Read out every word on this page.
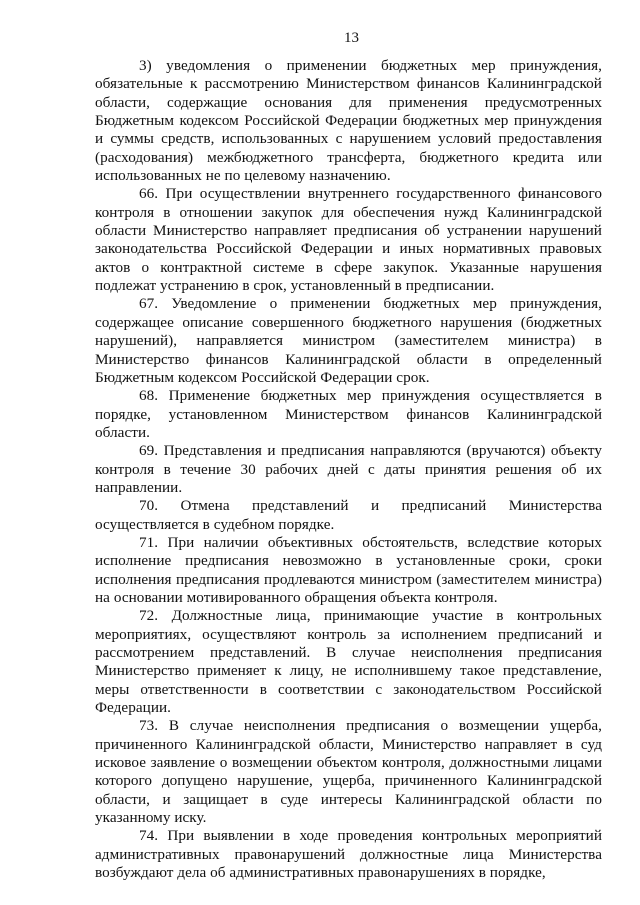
13

3) уведомления о применении бюджетных мер принуждения, обязательные к рассмотрению Министерством финансов Калининградской области, содержащие основания для применения предусмотренных Бюджетным кодексом Российской Федерации бюджетных мер принуждения и суммы средств, использованных с нарушением условий предоставления (расходования) межбюджетного трансферта, бюджетного кредита или использованных не по целевому назначению.

66. При осуществлении внутреннего государственного финансового контроля в отношении закупок для обеспечения нужд Калининградской области Министерство направляет предписания об устранении нарушений законодательства Российской Федерации и иных нормативных правовых актов о контрактной системе в сфере закупок. Указанные нарушения подлежат устранению в срок, установленный в предписании.

67. Уведомление о применении бюджетных мер принуждения, содержащее описание совершенного бюджетного нарушения (бюджетных нарушений), направляется министром (заместителем министра) в Министерство финансов Калининградской области в определенный Бюджетным кодексом Российской Федерации срок.

68. Применение бюджетных мер принуждения осуществляется в порядке, установленном Министерством финансов Калининградской области.

69. Представления и предписания направляются (вручаются) объекту контроля в течение 30 рабочих дней с даты принятия решения об их направлении.

70. Отмена представлений и предписаний Министерства осуществляется в судебном порядке.

71. При наличии объективных обстоятельств, вследствие которых исполнение предписания невозможно в установленные сроки, сроки исполнения предписания продлеваются министром (заместителем министра) на основании мотивированного обращения объекта контроля.

72. Должностные лица, принимающие участие в контрольных мероприятиях, осуществляют контроль за исполнением предписаний и рассмотрением представлений. В случае неисполнения предписания Министерство применяет к лицу, не исполнившему такое представление, меры ответственности в соответствии с законодательством Российской Федерации.

73. В случае неисполнения предписания о возмещении ущерба, причиненного Калининградской области, Министерство направляет в суд исковое заявление о возмещении объектом контроля, должностными лицами которого допущено нарушение, ущерба, причиненного Калининградской области, и защищает в суде интересы Калининградской области по указанному иску.

74. При выявлении в ходе проведения контрольных мероприятий административных правонарушений должностные лица Министерства возбуждают дела об административных правонарушениях в порядке,
